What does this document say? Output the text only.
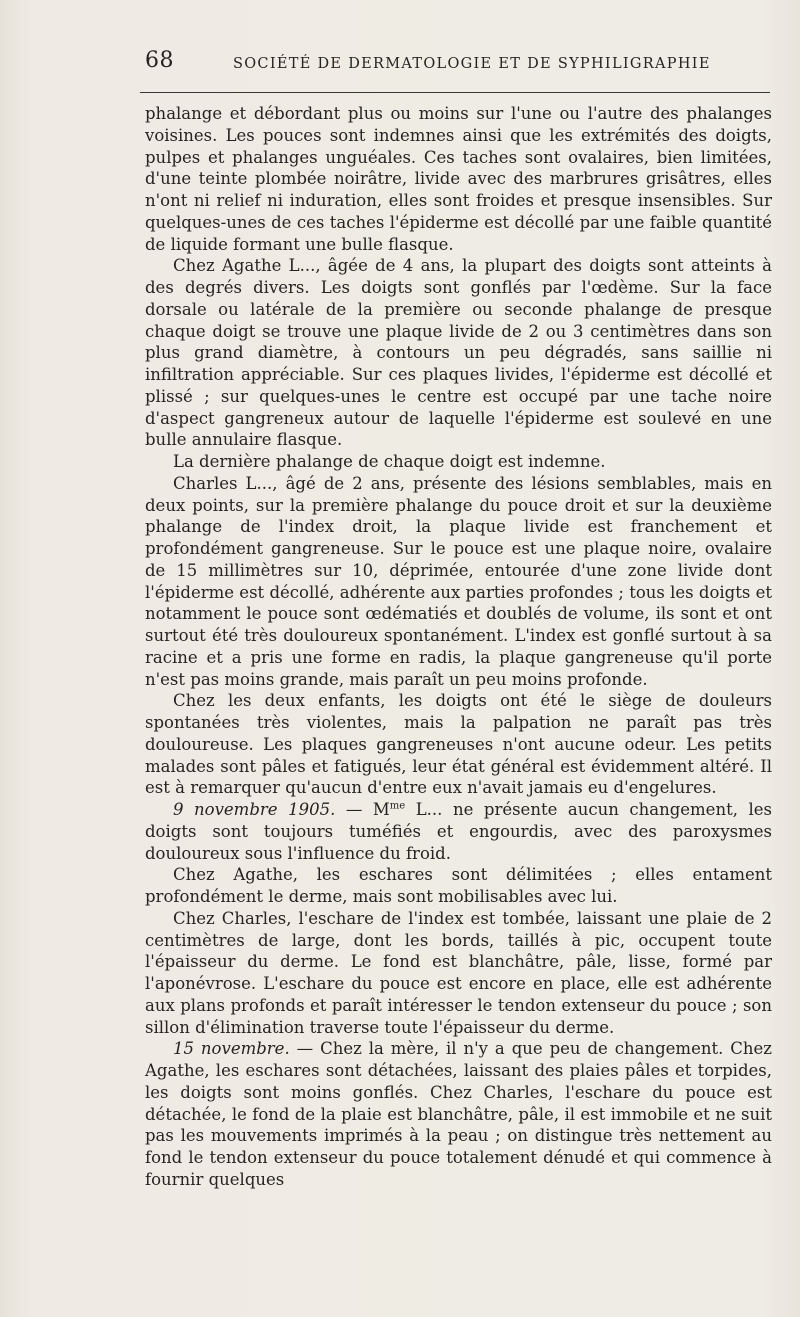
68	SOCIÉTÉ DE DERMATOLOGIE ET DE SYPHILIGRAPHIE

phalange et débordant plus ou moins sur l'une ou l'autre des phalanges voisines. Les pouces sont indemnes ainsi que les extrémités des doigts, pulpes et phalanges unguéales. Ces taches sont ovalaires, bien limitées, d'une teinte plombée noirâtre, livide avec des marbrures grisâtres, elles n'ont ni relief ni induration, elles sont froides et presque insensibles. Sur quelques-unes de ces taches l'épiderme est décollé par une faible quantité de liquide formant une bulle flasque.

Chez Agathe L..., âgée de 4 ans, la plupart des doigts sont atteints à des degrés divers. Les doigts sont gonflés par l'œdème. Sur la face dorsale ou latérale de la première ou seconde phalange de presque chaque doigt se trouve une plaque livide de 2 ou 3 centimètres dans son plus grand diamètre, à contours un peu dégradés, sans saillie ni infiltration appréciable. Sur ces plaques livides, l'épiderme est décollé et plissé ; sur quelques-unes le centre est occupé par une tache noire d'aspect gangreneux autour de laquelle l'épiderme est soulevé en une bulle annulaire flasque.

La dernière phalange de chaque doigt est indemne.

Charles L..., âgé de 2 ans, présente des lésions semblables, mais en deux points, sur la première phalange du pouce droit et sur la deuxième phalange de l'index droit, la plaque livide est franchement et profondément gangreneuse. Sur le pouce est une plaque noire, ovalaire de 15 millimètres sur 10, déprimée, entourée d'une zone livide dont l'épiderme est décollé, adhérente aux parties profondes ; tous les doigts et notamment le pouce sont œdématiés et doublés de volume, ils sont et ont surtout été très douloureux spontanément. L'index est gonflé surtout à sa racine et a pris une forme en radis, la plaque gangreneuse qu'il porte n'est pas moins grande, mais paraît un peu moins profonde.

Chez les deux enfants, les doigts ont été le siège de douleurs spontanées très violentes, mais la palpation ne paraît pas très douloureuse. Les plaques gangreneuses n'ont aucune odeur. Les petits malades sont pâles et fatigués, leur état général est évidemment altéré. Il est à remarquer qu'aucun d'entre eux n'avait jamais eu d'engelures.

9 novembre 1905. — $M^{me}$ L... ne présente aucun changement, les doigts sont toujours tuméfiés et engourdis, avec des paroxysmes douloureux sous l'influence du froid.

Chez Agathe, les eschares sont délimitées ; elles entament profondément le derme, mais sont mobilisables avec lui.

Chez Charles, l'eschare de l'index est tombée, laissant une plaie de 2 centimètres de large, dont les bords, taillés à pic, occupent toute l'épaisseur du derme. Le fond est blanchâtre, pâle, lisse, formé par l'aponévrose. L'eschare du pouce est encore en place, elle est adhérente aux plans profonds et paraît intéresser le tendon extenseur du pouce ; son sillon d'élimination traverse toute l'épaisseur du derme.

15 novembre. — Chez la mère, il n'y a que peu de changement. Chez Agathe, les eschares sont détachées, laissant des plaies pâles et torpides, les doigts sont moins gonflés. Chez Charles, l'eschare du pouce est détachée, le fond de la plaie est blanchâtre, pâle, il est immobile et ne suit pas les mouvements imprimés à la peau ; on distingue très nettement au fond le tendon extenseur du pouce totalement dénudé et qui commence à fournir quelques
